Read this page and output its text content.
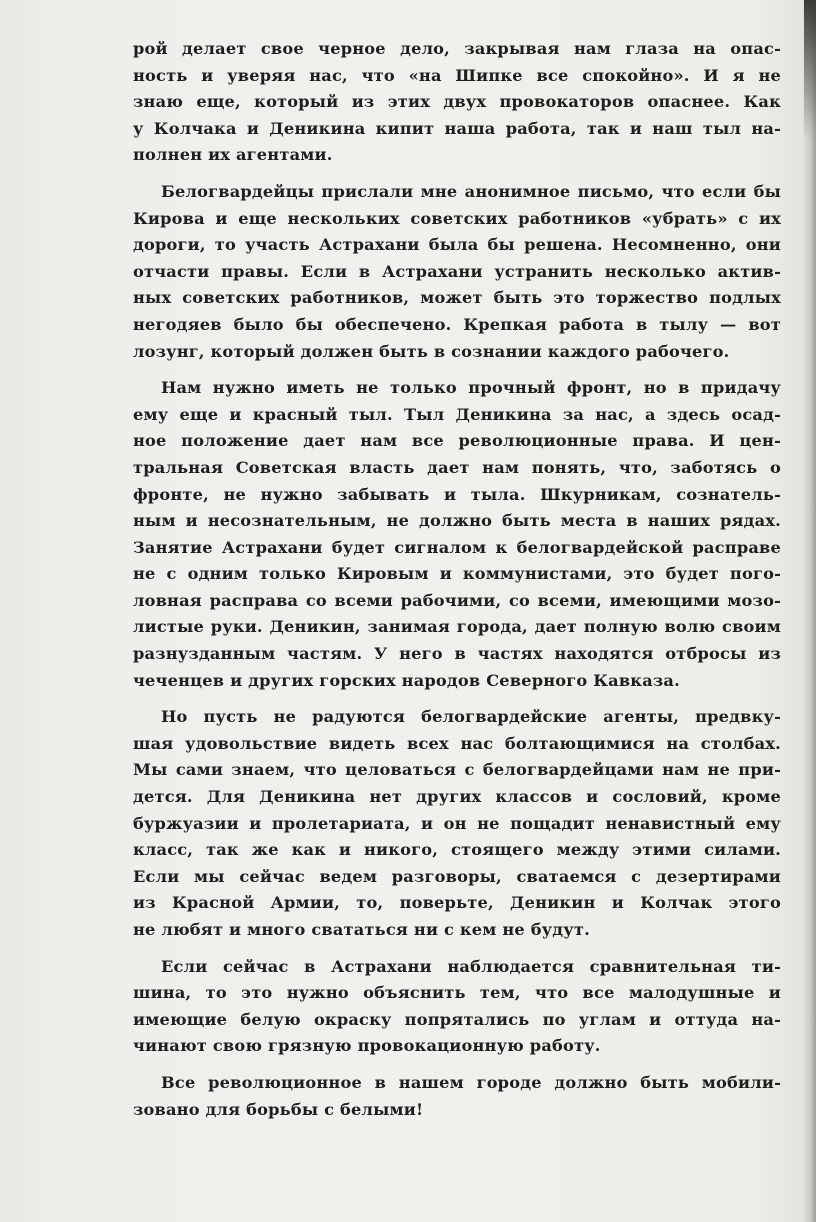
рой делает свое черное дело, закрывая нам глаза на опас-
ность и уверяя нас, что «на Шипке все спокойно». И я не
знаю еще, который из этих двух провокаторов опаснее. Как
у Колчака и Деникина кипит наша работа, так и наш тыл на-
полнен их агентами.
Белогвардейцы прислали мне анонимное письмо, что если бы
Кирова и еще нескольких советских работников «убрать» с их
дороги, то участь Астрахани была бы решена. Несомненно, они
отчасти правы. Если в Астрахани устранить несколько актив-
ных советских работников, может быть это торжество подлых
негодяев было бы обеспечено. Крепкая работа в тылу — вот
лозунг, который должен быть в сознании каждого рабочего.
Нам нужно иметь не только прочный фронт, но в придачу
ему еще и красный тыл. Тыл Деникина за нас, а здесь осад-
ное положение дает нам все революционные права. И цен-
тральная Советская власть дает нам понять, что, заботясь о
фронте, не нужно забывать и тыла. Шкурникам, сознатель-
ным и несознательным, не должно быть места в наших рядах.
Занятие Астрахани будет сигналом к белогвардейской расправе
не с одним только Кировым и коммунистами, это будет пого-
ловная расправа со всеми рабочими, со всеми, имеющими мозо-
листые руки. Деникин, занимая города, дает полную волю своим
разнузданным частям. У него в частях находятся отбросы из
чеченцев и других горских народов Северного Кавказа.
Но пусть не радуются белогвардейские агенты, предвку-
шая удовольствие видеть всех нас болтающимися на столбах.
Мы сами знаем, что целоваться с белогвардейцами нам не при-
дется. Для Деникина нет других классов и сословий, кроме
буржуазии и пролетариата, и он не пощадит ненавистный ему
класс, так же как и никого, стоящего между этими силами.
Если мы сейчас ведем разговоры, сватаемся с дезертирами
из Красной Армии, то, поверьте, Деникин и Колчак этого
не любят и много свататься ни с кем не будут.
Если сейчас в Астрахани наблюдается сравнительная ти-
шина, то это нужно объяснить тем, что все малодушные и
имеющие белую окраску попрятались по углам и оттуда на-
чинают свою грязную провокационную работу.
Все революционное в нашем городе должно быть мобили-
зовано для борьбы с белыми!
